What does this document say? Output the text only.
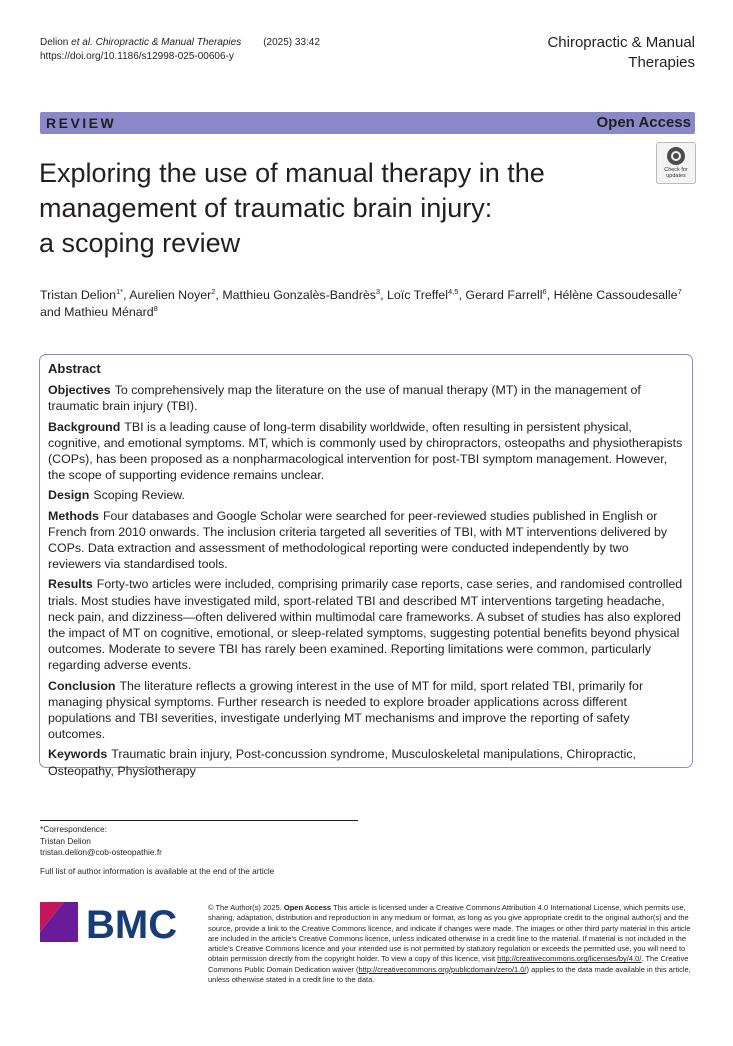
Delion et al. Chiropractic & Manual Therapies (2025) 33:42
https://doi.org/10.1186/s12998-025-00606-y
Chiropractic & Manual
Therapies
REVIEW	Open Access
Exploring the use of manual therapy in the
management of traumatic brain injury:
a scoping review
Check for
updates
Tristan Delion$^{1*}$, Aurelien Noyer$^2$, Matthieu Gonzalès-Bandrès$^3$, Loïc Treffel$^{4,5}$, Gerard Farrell$^6$, Hélène Cassoudesalle$^7$
and Mathieu Ménard$^8$
Abstract

Objectives To comprehensively map the literature on the use of manual therapy (MT) in the management of traumatic brain injury (TBI).

Background TBI is a leading cause of long-term disability worldwide, often resulting in persistent physical, cognitive, and emotional symptoms. MT, which is commonly used by chiropractors, osteopaths and physiotherapists (COPs), has been proposed as a nonpharmacological intervention for post-TBI symptom management. However, the scope of supporting evidence remains unclear.

Design Scoping Review.

Methods Four databases and Google Scholar were searched for peer-reviewed studies published in English or French from 2010 onwards. The inclusion criteria targeted all severities of TBI, with MT interventions delivered by COPs. Data extraction and assessment of methodological reporting were conducted independently by two reviewers via standardised tools.

Results Forty-two articles were included, comprising primarily case reports, case series, and randomised controlled trials. Most studies have investigated mild, sport-related TBI and described MT interventions targeting headache, neck pain, and dizziness—often delivered within multimodal care frameworks. A subset of studies has also explored the impact of MT on cognitive, emotional, or sleep-related symptoms, suggesting potential benefits beyond physical outcomes. Moderate to severe TBI has rarely been examined. Reporting limitations were common, particularly regarding adverse events.

Conclusion The literature reflects a growing interest in the use of MT for mild, sport related TBI, primarily for managing physical symptoms. Further research is needed to explore broader applications across different populations and TBI severities, investigate underlying MT mechanisms and improve the reporting of safety outcomes.

Keywords Traumatic brain injury, Post-concussion syndrome, Musculoskeletal manipulations, Chiropractic, Osteopathy, Physiotherapy

*Correspondence:
Tristan Delion
tristan.delion@cob-osteopathie.fr
Full list of author information is available at the end of the article
BMC	© The Author(s) 2025. Open Access This article is licensed under a Creative Commons Attribution 4.0 International License, which permits use, sharing, adaptation, distribution and reproduction in any medium or format, as long as you give appropriate credit to the original author(s) and the source, provide a link to the Creative Commons licence, and indicate if changes were made. The images or other third party material in this article are included in the article’s Creative Commons licence, unless indicated otherwise in a credit line to the material. If material is not included in the article’s Creative Commons licence and your intended use is not permitted by statutory regulation or exceeds the permitted use, you will need to obtain permission directly from the copyright holder. To view a copy of this licence, visit http://creativecommons.org/licenses/by/4.0/. The Creative Commons Public Domain Dedication waiver (http://creativecommons.org/publicdomain/zero/1.0/) applies to the data made available in this article, unless otherwise stated in a credit line to the data.
